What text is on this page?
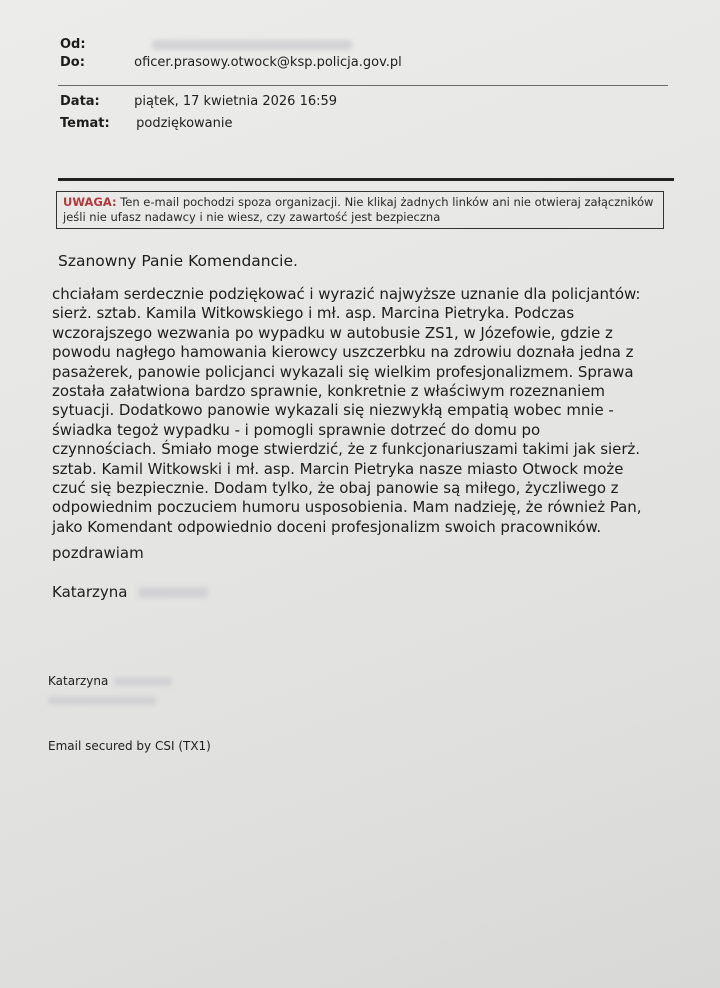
Od:
Do:	oficer.prasowy.otwock@ksp.policja.gov.pl
Data:	piątek, 17 kwietnia 2026 16:59
Temat: podziękowanie
UWAGA: Ten e-mail pochodzi spoza organizacji. Nie klikaj żadnych linków ani nie otwieraj załączników jeśli nie ufasz nadawcy i nie wiesz, czy zawartość jest bezpieczna
Szanowny Panie Komendancie.
chciałam serdecznie podziękować i wyrazić najwyższe uznanie dla policjantów:
sierż. sztab. Kamila Witkowskiego i mł. asp. Marcina Pietryka. Podczas
wczorajszego wezwania po wypadku w autobusie ZS1, w Józefowie, gdzie z
powodu nagłego hamowania kierowcy uszczerbku na zdrowiu doznała jedna z
pasażerek, panowie policjanci wykazali się wielkim profesjonalizmem. Sprawa
została załatwiona bardzo sprawnie, konkretnie z właściwym rozeznaniem
sytuacji. Dodatkowo panowie wykazali się niezwykłą empatią wobec mnie -
świadka tegoż wypadku - i pomogli sprawnie dotrzeć do domu po
czynnościach. Śmiało moge stwierdzić, że z funkcjonariuszami takimi jak sierż.
sztab. Kamil Witkowski i mł. asp. Marcin Pietryka nasze miasto Otwock może
czuć się bezpiecznie. Dodam tylko, że obaj panowie są miłego, życzliwego z
odpowiednim poczuciem humoru usposobienia. Mam nadzieję, że również Pan,
jako Komendant odpowiednio doceni profesjonalizm swoich pracowników.
pozdrawiam
Katarzyna
Katarzyna
Email secured by CSI (TX1)
